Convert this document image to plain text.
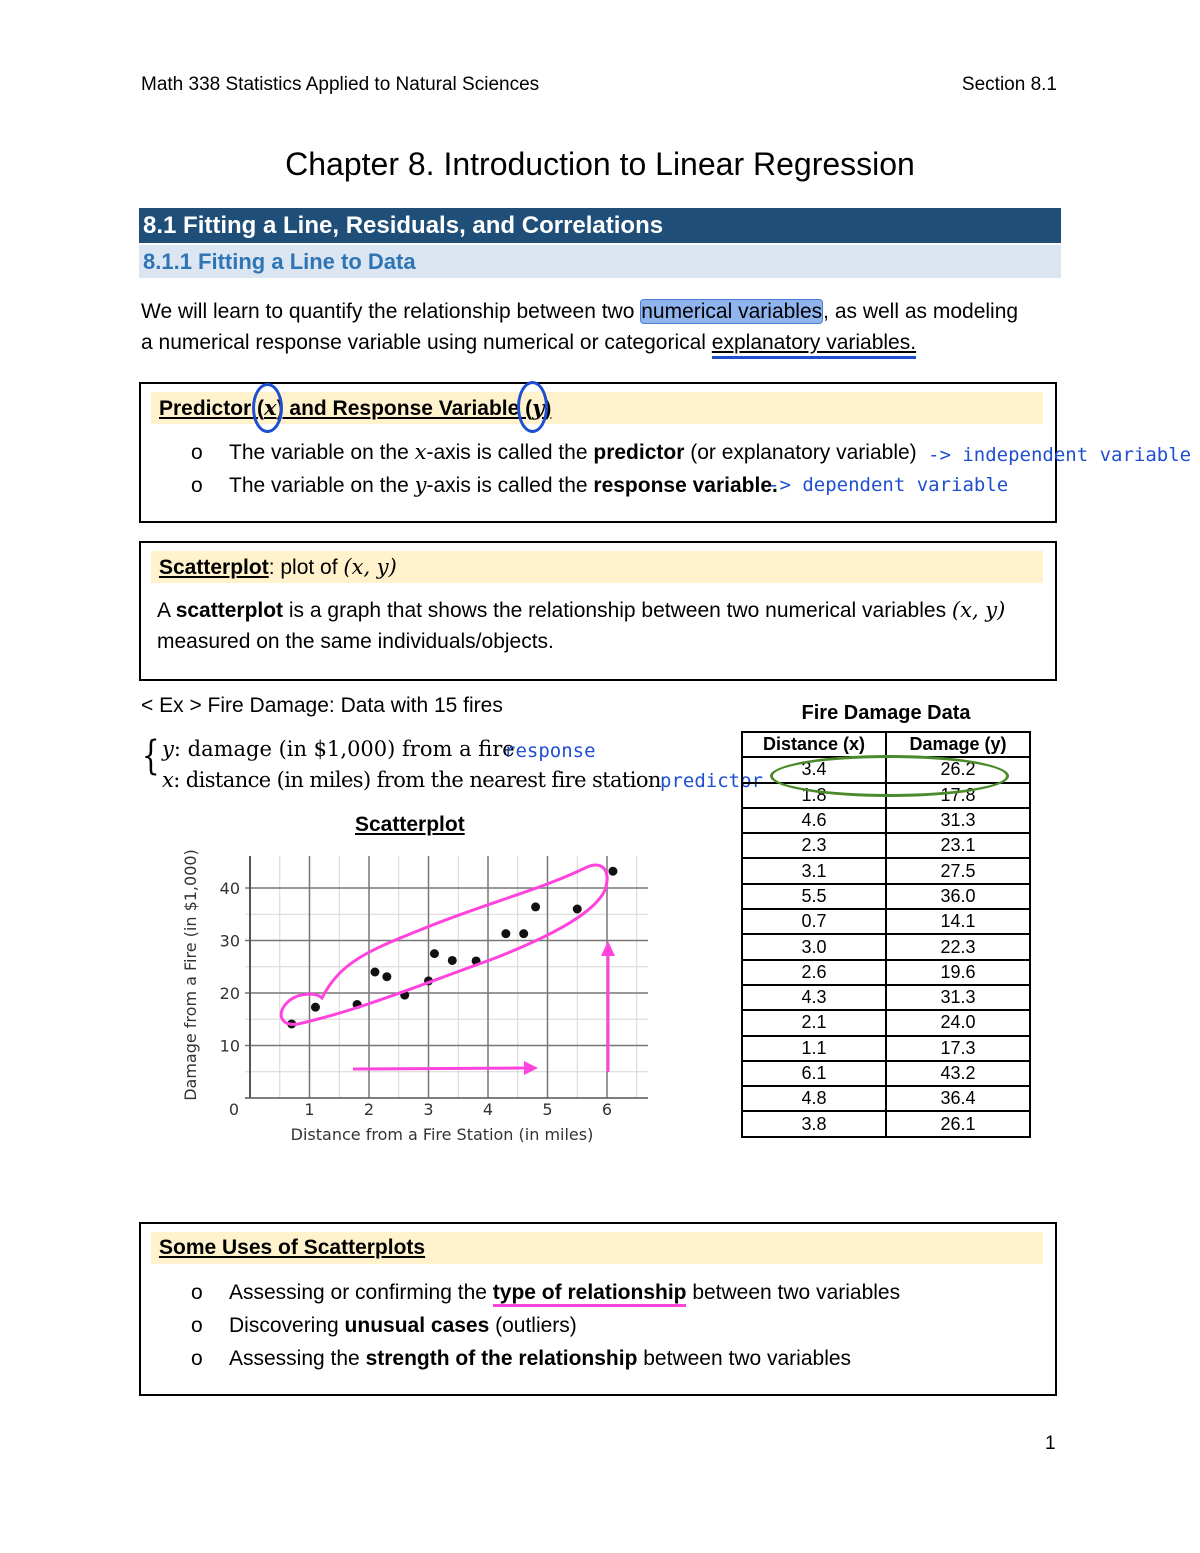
Math 338 Statistics Applied to Natural Sciences	Section 8.1
Chapter 8. Introduction to Linear Regression
8.1 Fitting a Line, Residuals, and Correlations
8.1.1 Fitting a Line to Data
We will learn to quantify the relationship between two numerical variables, as well as modeling
a numerical response variable using numerical or categorical explanatory variables.
Predictor (x) and Response Variable (y)
o The variable on the x-axis is called the predictor (or explanatory variable)
o The variable on the y-axis is called the response variable.
-> independent variable
-> dependent variable
Scatterplot: plot of (x, y)
A scatterplot is a graph that shows the relationship between two numerical variables (x, y)
measured on the same individuals/objects.
< Ex > Fire Damage: Data with 15 fires
{ y: damage (in $1,000) from a fire
response
x: distance (in miles) from the nearest fire station predictor
Scatterplot
0	1	2	3	4	5	6
10
20
30
40
Distance from a Fire Station (in miles)
Damage from a Fire (in $1,000)
Fire Damage Data
Distance (x)	Damage (y)
3.4	26.2
1.8	17.8
4.6	31.3
2.3	23.1
3.1	27.5
5.5	36.0
0.7	14.1
3.0	22.3
2.6	19.6
4.3	31.3
2.1	24.0
1.1	17.3
6.1	43.2
4.8	36.4
3.8	26.1
Some Uses of Scatterplots
o Assessing or confirming the type of relationship between two variables
o Discovering unusual cases (outliers)
o Assessing the strength of the relationship between two variables
1
